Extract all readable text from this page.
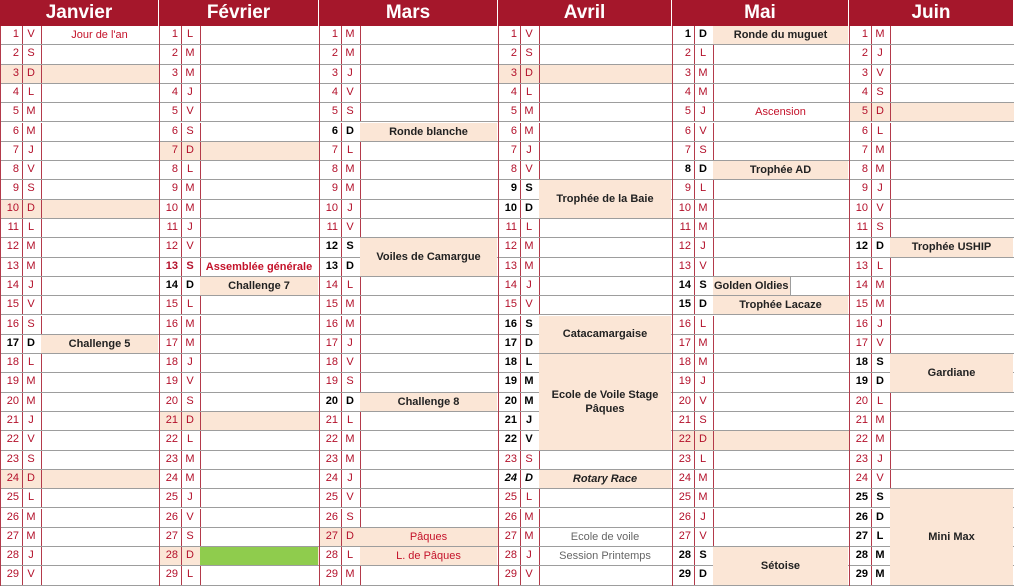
Janvier
1 V
2 S
3 D
4 L
5 M
6 M
7 J
8 V
9 S
10 D
11 L
12 M
13 M
14 J
15 V
16 S
17 D
18 L
19 M
20 M
21 J
22 V
23 S
24 D
25 L
26 M
27 M
28 J
29 V
Février
1 L
2 M
3 M
4 J
5 V
6 S
7 D
8 L
9 M
10 M
11 J
12 V
13 S
14 D
15 L
16 M
17 M
18 J
19 V
20 S
21 D
22 L
23 M
24 M
25 J
26 V
27 S
28 D
29 L
Mars
1 M
2 M
3 J
4 V
5 S
6 D
7 L
8 M
9 M
10 J
11 V
12 S
13 D
14 L
15 M
16 M
17 J
18 V
19 S
20 D
21 L
22 M
23 M
24 J
25 V
26 S
27 D
28 L
29 M
Avril
1 V
2 S
3 D
4 L
5 M
6 M
7 J
8 V
9 S
10 D
11 L
12 M
13 M
14 J
15 V
16 S
17 D
18 L
19 M
20 M
21 J
22 V
23 S
24 D
25 L
26 M
27 M
28 J
29 V
Mai
1 D
2 L
3 M
4 M
5 J
6 V
7 S
8 D
9 L
10 M
11 M
12 J
13 V
14 S
15 D
16 L
17 M
18 M
19 J
20 V
21 S
22 D
23 L
24 M
25 M
26 J
27 V
28 S
29 D
Juin
1 M
2 J
3 V
4 S
5 D
6 L
7 M
8 M
9 J
10 V
11 S
12 D
13 L
14 M
15 M
16 J
17 V
18 S
19 D
20 L
21 M
22 M
23 J
24 V
25 S
26 D
27 L
28 M
29 M
Jour de l'an
Challenge 5
Assemblée générale
Challenge 7
Ronde blanche
Voiles de Camargue
Challenge 8
Pâques
L. de Pâques
Trophée de la Baie
Catacamargaise
Ecole de Voile Stage Pâques
Rotary Race
Ecole de voile
Session Printemps
Ronde du muguet
Ascension
Trophée AD
Golden Oldies
Trophée Lacaze
Sétoise
Trophée USHIP
Gardiane
Mini Max
